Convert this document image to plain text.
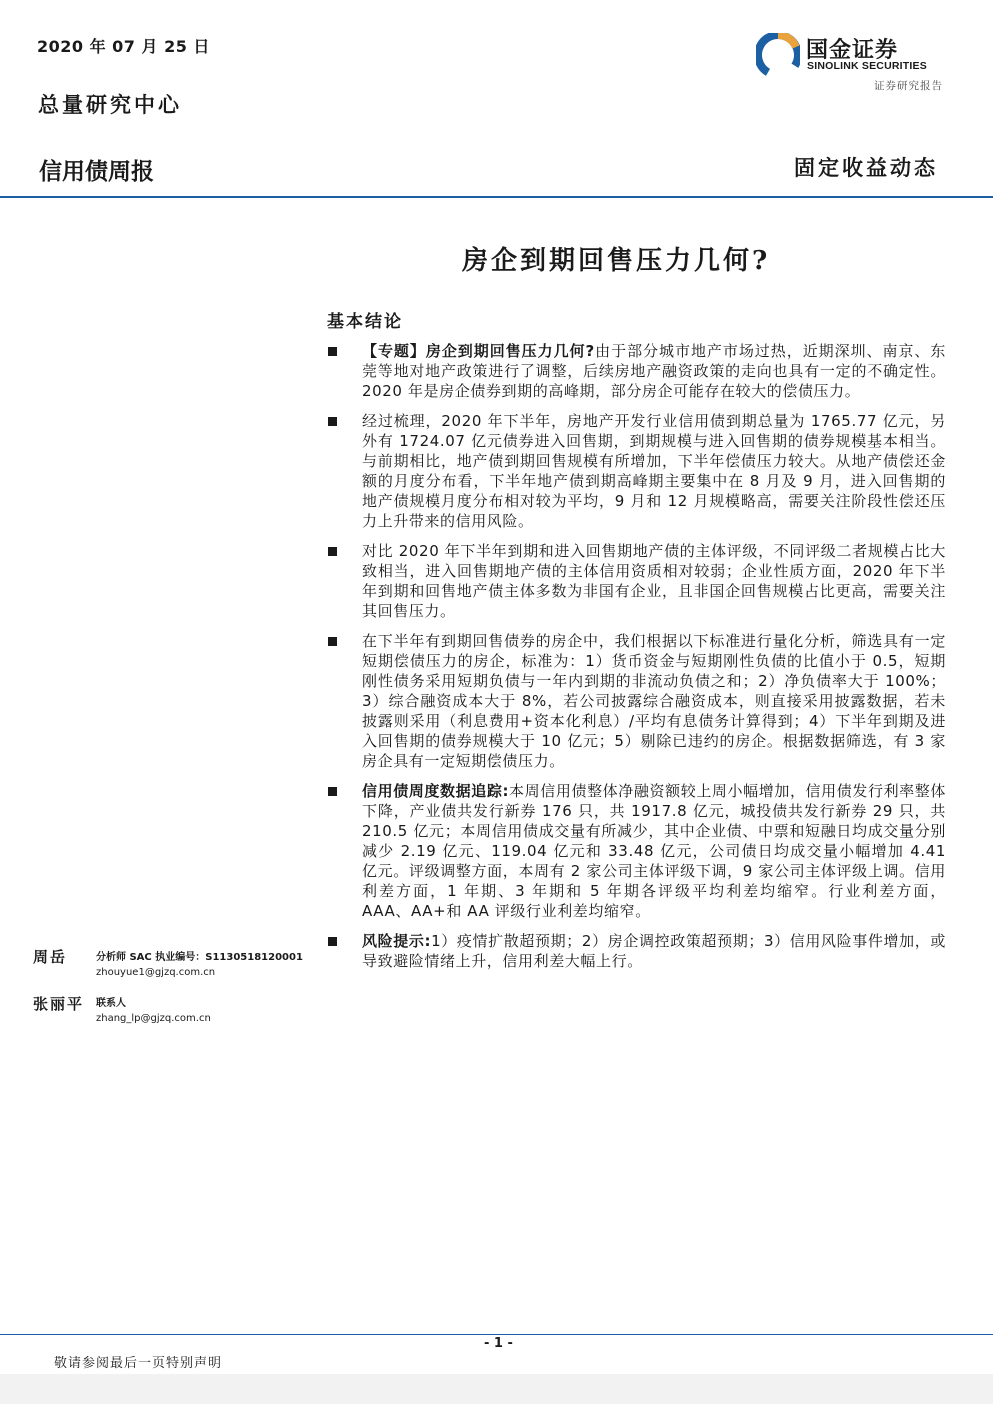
2020 年 07 月 25 日
总量研究中心
信用债周报	固定收益动态
国金证券
SINOLINK SECURITIES
证券研究报告
房企到期回售压力几何?
基本结论
【专题】房企到期回售压力几何?由于部分城市地产市场过热，近期深圳、南京、东莞等地对地产政策进行了调整，后续房地产融资政策的走向也具有一定的不确定性。2020 年是房企债券到期的高峰期，部分房企可能存在较大的偿债压力。
经过梳理，2020 年下半年，房地产开发行业信用债到期总量为 1765.77 亿元，另外有 1724.07 亿元债券进入回售期，到期规模与进入回售期的债券规模基本相当。与前期相比，地产债到期回售规模有所增加，下半年偿债压力较大。从地产债偿还金额的月度分布看，下半年地产债到期高峰期主要集中在 8 月及 9 月，进入回售期的地产债规模月度分布相对较为平均，9 月和 12 月规模略高，需要关注阶段性偿还压力上升带来的信用风险。
对比 2020 年下半年到期和进入回售期地产债的主体评级，不同评级二者规模占比大致相当，进入回售期地产债的主体信用资质相对较弱；企业性质方面，2020 年下半年到期和回售地产债主体多数为非国有企业，且非国企回售规模占比更高，需要关注其回售压力。
在下半年有到期回售债券的房企中，我们根据以下标准进行量化分析，筛选具有一定短期偿债压力的房企，标准为：1）货币资金与短期刚性负债的比值小于 0.5，短期刚性债务采用短期负债与一年内到期的非流动负债之和；2）净负债率大于 100%；3）综合融资成本大于 8%，若公司披露综合融资成本，则直接采用披露数据，若未披露则采用（利息费用+资本化利息）/平均有息债务计算得到；4）下半年到期及进入回售期的债券规模大于 10 亿元；5）剔除已违约的房企。根据数据筛选，有 3 家房企具有一定短期偿债压力。
信用债周度数据追踪:本周信用债整体净融资额较上周小幅增加，信用债发行利率整体下降，产业债共发行新券 176 只，共 1917.8 亿元，城投债共发行新券 29 只，共 210.5 亿元；本周信用债成交量有所减少，其中企业债、中票和短融日均成交量分别减少 2.19 亿元、119.04 亿元和 33.48 亿元，公司债日均成交量小幅增加 4.41 亿元。评级调整方面，本周有 2 家公司主体评级下调，9 家公司主体评级上调。信用利差方面，1 年期、3 年期和 5 年期各评级平均利差均缩窄。行业利差方面，AAA、AA+和 AA 评级行业利差均缩窄。
风险提示:1）疫情扩散超预期；2）房企调控政策超预期；3）信用风险事件增加，或导致避险情绪上升，信用利差大幅上行。
周岳	分析师 SAC 执业编号：S1130518120001
zhouyue1@gjzq.com.cn
张丽平 联系人
zhang_lp@gjzq.com.cn
- 1 -
敬请参阅最后一页特别声明
